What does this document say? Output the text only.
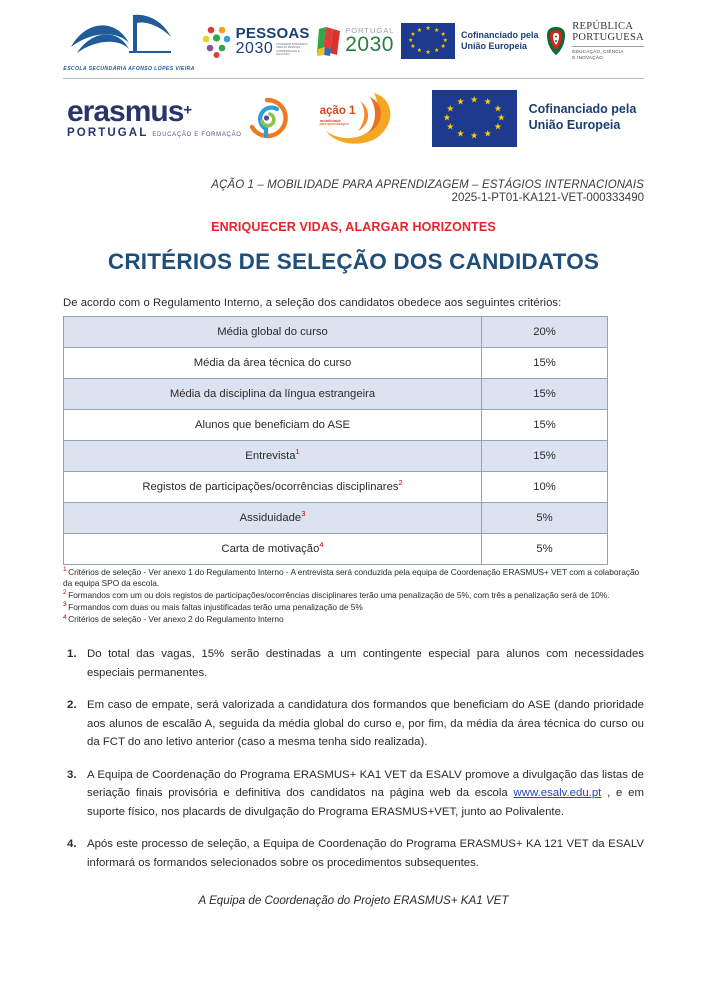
ESCOLA SECUNDÁRIA AFONSO LOPES VIEIRA
PESSOAS
2030 PROGRAMA INTEGRADO PARA AS PESSOAS, COMPETÊNCIAS E INCLUSÃO
PORTUGAL
2030
★ ★
★
★
★
★
★
★
★
★
★
★	Cofinanciado pela
União Europeia
REPÚBLICA
PORTUGUESA
EDUCAÇÃO, CIÊNCIA
E INOVAÇÃO
erasmus+
PORTUGAL EDUCAÇÃO E FORMAÇÃO
ação 1
mobilidade
para aprendizagem
★ ★
★
★
★
★
★
★
★
★
★
★
Cofinanciado pela
União Europeia
AÇÃO 1 – MOBILIDADE PARA APRENDIZAGEM – ESTÁGIOS INTERNACIONAIS
2025-1-PT01-KA121-VET-000333490
ENRIQUECER VIDAS, ALARGAR HORIZONTES
CRITÉRIOS DE SELEÇÃO DOS CANDIDATOS
De acordo com o Regulamento Interno, a seleção dos candidatos obedece aos seguintes critérios:
Média global do curso	20%
Média da área técnica do curso	15%
Média da disciplina da língua estrangeira	15%
Alunos que beneficiam do ASE	15%
Entrevista$^1$	15%
Registos de participações/ocorrências disciplinares$^2$	10%
Assiduidade$^3$	5%
Carta de motivação$^4$	5%

$^1$ Critérios de seleção - Ver anexo 1 do Regulamento Interno - A entrevista será conduzida pela equipa de Coordenação ERASMUS+ VET com a colaboração da equipa SPO da escola.

$^2$ Formandos com um ou dois registos de participações/ocorrências disciplinares terão uma penalização de 5%, com três a penalização será de 10%.

$^3$ Formandos com duas ou mais faltas injustificadas terão uma penalização de 5%

$^4$ Critérios de seleção - Ver anexo 2 do Regulamento Interno

Do total das vagas, 15% serão destinadas a um contingente especial para alunos com necessidades especiais permanentes.
Em caso de empate, será valorizada a candidatura dos formandos que beneficiam do ASE (dando prioridade aos alunos de escalão A, seguida da média global do curso e, por fim, da média da área técnica do curso ou da FCT do ano letivo anterior (caso a mesma tenha sido realizada).
A Equipa de Coordenação do Programa ERASMUS+ KA1 VET da ESALV promove a divulgação das listas de seriação finais provisória e definitiva dos candidatos na página web da escola www.esalv.edu.pt , e em suporte físico, nos placards de divulgação do Programa ERASMUS+VET, junto ao Polivalente.
Após este processo de seleção, a Equipa de Coordenação do Programa ERASMUS+ KA 121 VET da ESALV informará os formandos selecionados sobre os procedimentos subsequentes.
A Equipa de Coordenação do Projeto ERASMUS+ KA1 VET
